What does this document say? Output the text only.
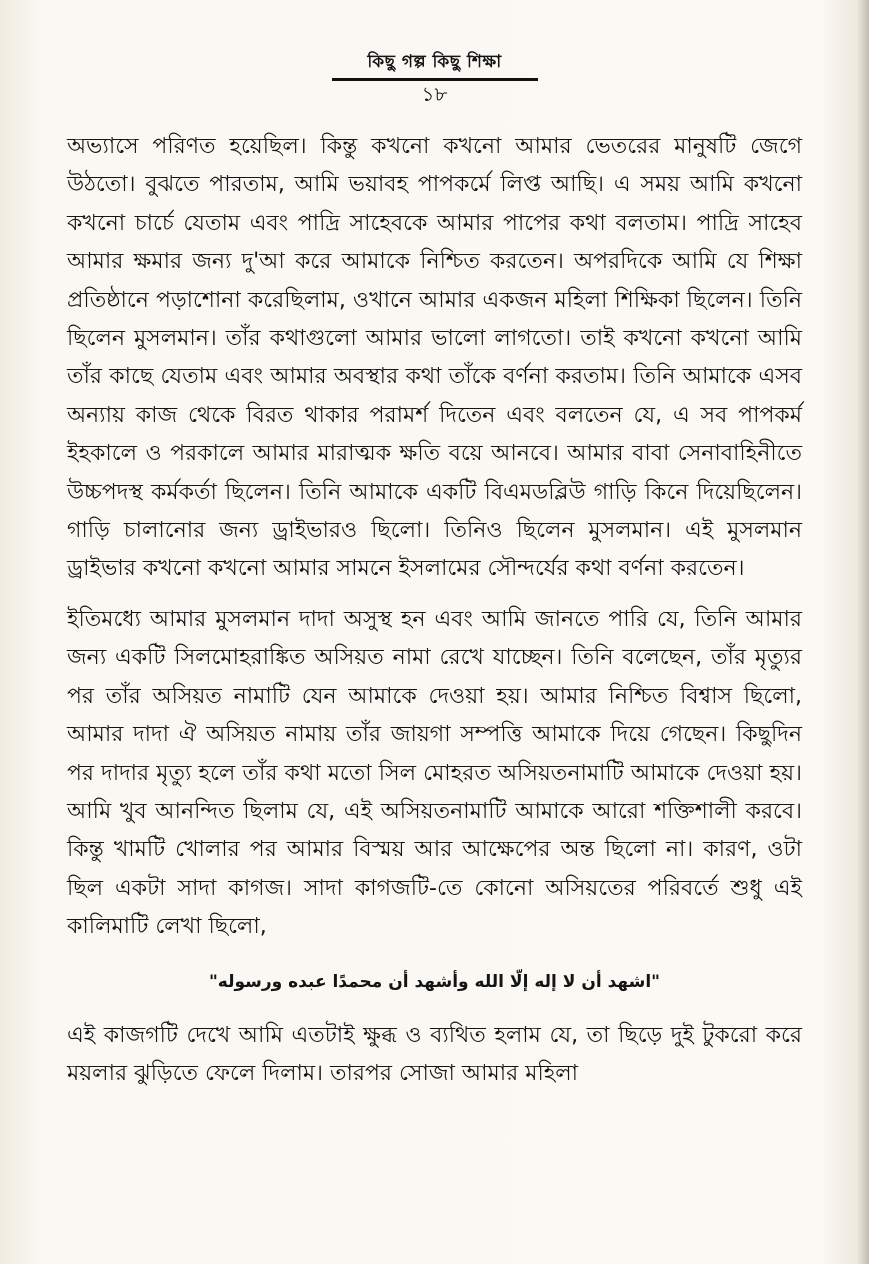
কিছু গল্প কিছু শিক্ষা
১৮

অভ্যাসে পরিণত হয়েছিল। কিন্তু কখনো কখনো আমার ভেতরের মানুষটি জেগে উঠতো। বুঝতে পারতাম, আমি ভয়াবহ পাপকর্মে লিপ্ত আছি। এ সময় আমি কখনো কখনো চার্চে যেতাম এবং পাদ্রি সাহেবকে আমার পাপের কথা বলতাম। পাদ্রি সাহেব আমার ক্ষমার জন্য দু'আ করে আমাকে নিশ্চিত করতেন। অপরদিকে আমি যে শিক্ষা প্রতিষ্ঠানে পড়াশোনা করেছিলাম, ওখানে আমার একজন মহিলা শিক্ষিকা ছিলেন। তিনি ছিলেন মুসলমান। তাঁর কথাগুলো আমার ভালো লাগতো। তাই কখনো কখনো আমি তাঁর কাছে যেতাম এবং আমার অবস্থার কথা তাঁকে বর্ণনা করতাম। তিনি আমাকে এসব অন্যায় কাজ থেকে বিরত থাকার পরামর্শ দিতেন এবং বলতেন যে, এ সব পাপকর্ম ইহকালে ও পরকালে আমার মারাত্মক ক্ষতি বয়ে আনবে। আমার বাবা সেনাবাহিনীতে উচ্চপদস্থ কর্মকর্তা ছিলেন। তিনি আমাকে একটি বিএমডব্লিউ গাড়ি কিনে দিয়েছিলেন। গাড়ি চালানোর জন্য ড্রাইভারও ছিলো। তিনিও ছিলেন মুসলমান। এই মুসলমান ড্রাইভার কখনো কখনো আমার সামনে ইসলামের সৌন্দর্যের কথা বর্ণনা করতেন।

ইতিমধ্যে আমার মুসলমান দাদা অসুস্থ হন এবং আমি জানতে পারি যে, তিনি আমার জন্য একটি সিলমোহরাঙ্কিত অসিয়ত নামা রেখে যাচ্ছেন। তিনি বলেছেন, তাঁর মৃত্যুর পর তাঁর অসিয়ত নামাটি যেন আমাকে দেওয়া হয়। আমার নিশ্চিত বিশ্বাস ছিলো, আমার দাদা ঐ অসিয়ত নামায় তাঁর জায়গা সম্পত্তি আমাকে দিয়ে গেছেন। কিছুদিন পর দাদার মৃত্যু হলে তাঁর কথা মতো সিল মোহরত অসিয়তনামাটি আমাকে দেওয়া হয়। আমি খুব আনন্দিত ছিলাম যে, এই অসিয়তনামাটি আমাকে আরো শক্তিশালী করবে। কিন্তু খামটি খোলার পর আমার বিস্ময় আর আক্ষেপের অন্ত ছিলো না। কারণ, ওটা ছিল একটা সাদা কাগজ। সাদা কাগজটি-তে কোনো অসিয়তের পরিবর্তে শুধু এই কালিমাটি লেখা ছিলো,

"اشهد أن لا إله إلّا الله وأشهد أن محمدًا عبده ورسوله"

এই কাজগটি দেখে আমি এতটাই ক্ষুব্ধ ও ব্যথিত হলাম যে, তা ছিড়ে দুই টুকরো করে ময়লার ঝুড়িতে ফেলে দিলাম। তারপর সোজা আমার মহিলা
